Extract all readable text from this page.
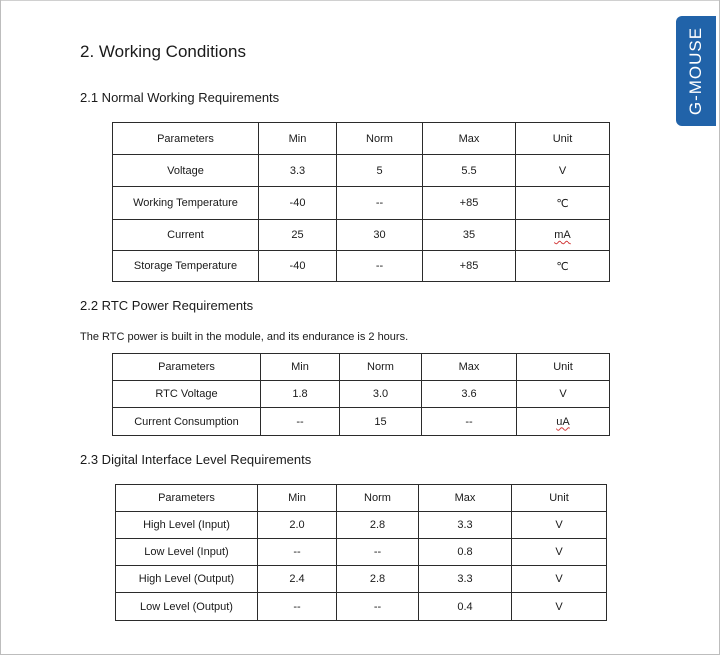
G-MOUSE
2. Working Conditions
2.1 Normal Working Requirements
Parameters	Min	Norm	Max	Unit
Voltage	3.3	5	5.5	V
Working Temperature	-40	--	+85	℃
Current	25	30	35	mA
Storage Temperature	-40	--	+85	℃
2.2 RTC Power Requirements

The RTC power is built in the module, and its endurance is 2 hours.

Parameters	Min	Norm	Max	Unit
RTC Voltage	1.8	3.0	3.6	V
Current Consumption	--	15	--	uA
2.3 Digital Interface Level Requirements
Parameters	Min	Norm	Max	Unit
High Level (Input)	2.0	2.8	3.3	V
Low Level (Input)	--	--	0.8	V
High Level (Output)	2.4	2.8	3.3	V
Low Level (Output)	--	--	0.4	V
